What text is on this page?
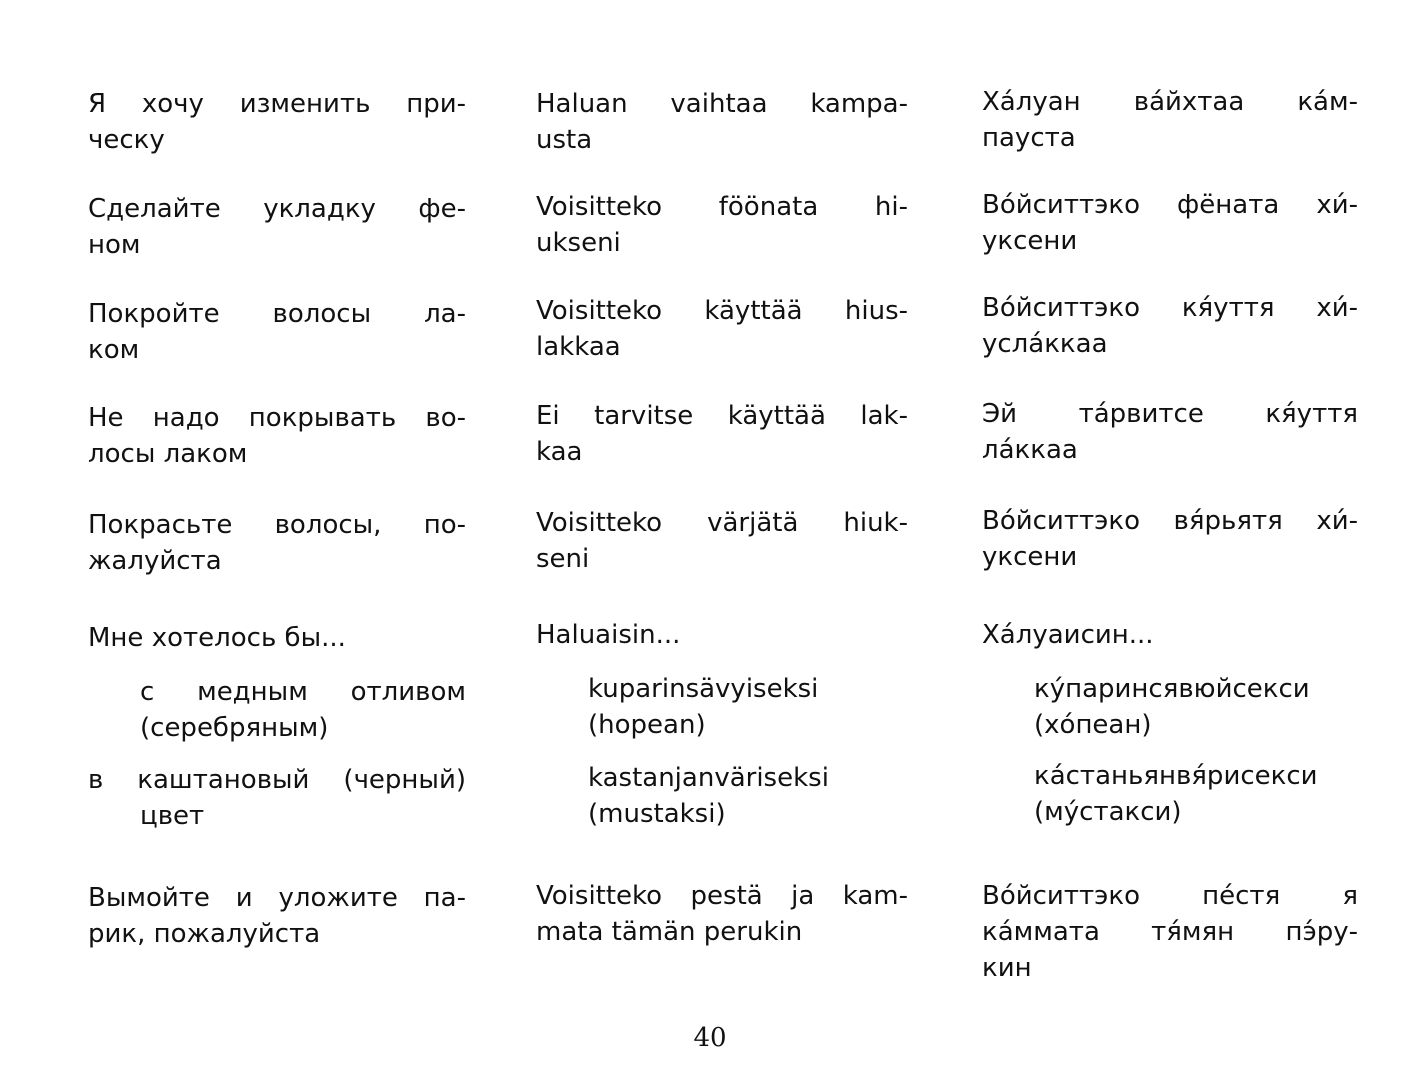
Я хочу изменить при-
ческу
Сделайте укладку фе-
ном
Покройте волосы ла-
ком
Не надо покрывать во-
лосы лаком
Покрасьте волосы, по-
жалуйста
Мне хотелось бы...
с медным отливом
(серебряным)
в каштановый (черный)
цвет
Вымойте и уложите па-
рик, пожалуйста
Haluan vaihtaa kampa-
usta
Voisitteko föönata hi-
ukseni
Voisitteko käyttää hius-
lakkaa
Ei tarvitse käyttää lak-
kaa
Voisitteko värjätä hiuk-
seni
Haluaisin...
kuparinsävyiseksi
(hopean)
kastanjanväriseksi
(mustaksi)
Voisitteko pestä ja kam-
mata tämän perukin
Хáлуан вáйхтаа кáм-
пауста
Вóйситтэко фёната хи́-
уксени
Вóйситтэко кя́уття хи́-
услáккаа
Эй тáрвитсе кя́уття
лáккаа
Вóйситтэко вя́рьятя хи́-
уксени
Хáлуаисин...
кýпаринсявюйсекси
(хóпеан)
кáстаньянвя́рисекси
(мýстакси)
Вóйситтэко пéстя я
кáммата тя́мян пэ́ру-
кин
40
